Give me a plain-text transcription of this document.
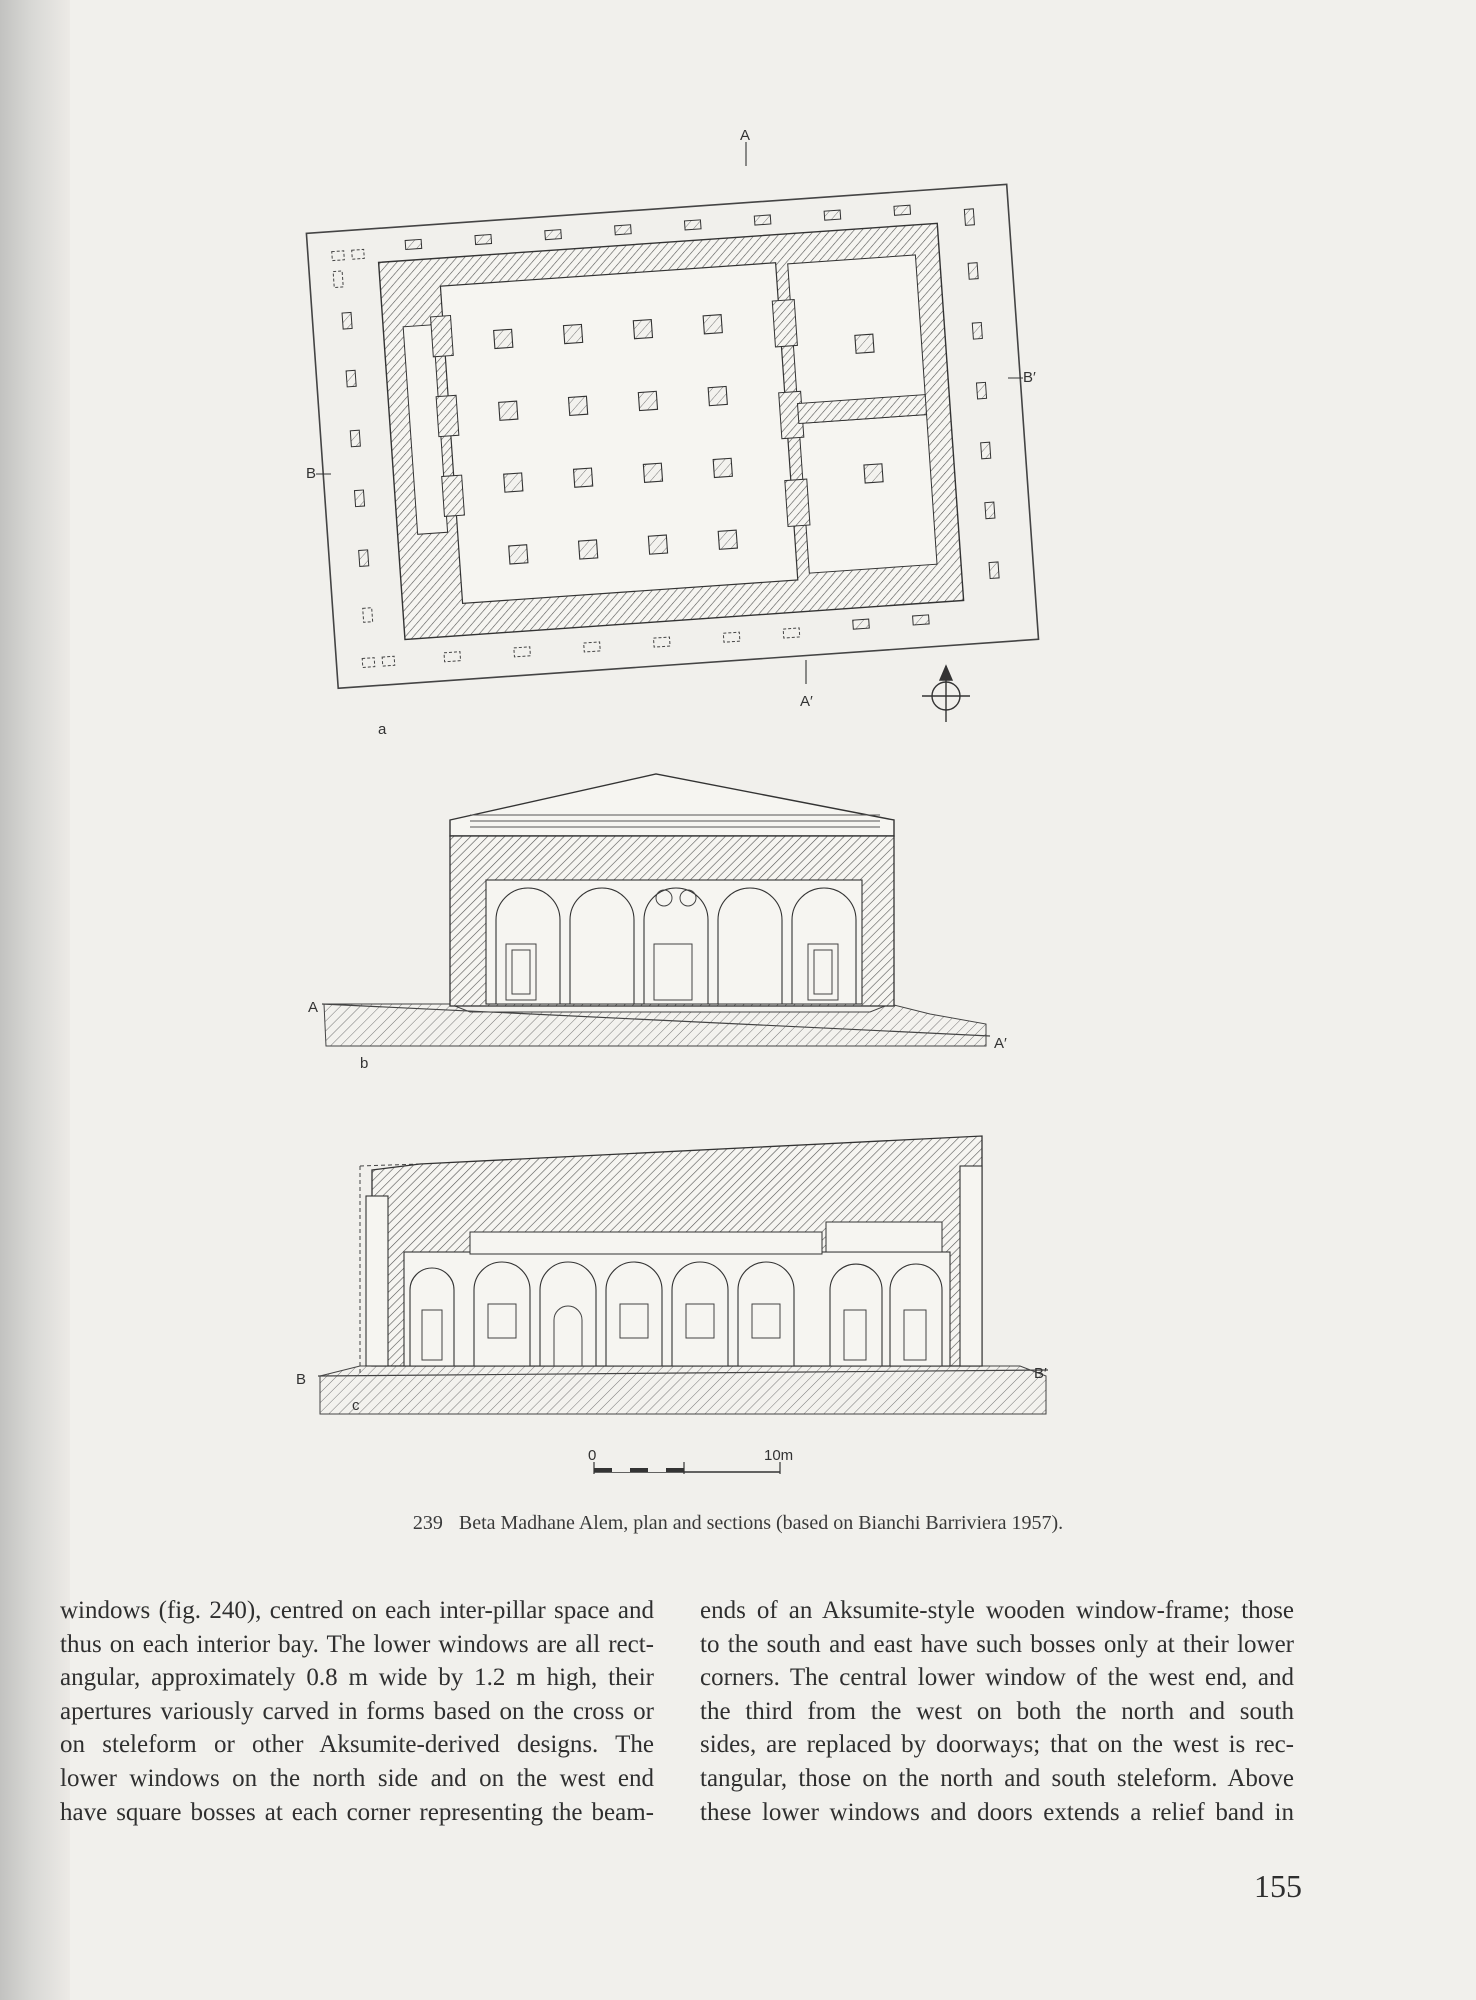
A
A′
B—
—B′
a
A
A′
b
B	B′
c
0	10m
239 Beta Madhane Alem, plan and sections (based on Bianchi Barriviera 1957).
windows (fig. 240), centred on each inter-pillar space and
thus on each interior bay. The lower windows are all rect-
angular, approximately 0.8 m wide by 1.2 m high, their
apertures variously carved in forms based on the cross or
on steleform or other Aksumite-derived designs. The
lower windows on the north side and on the west end
have square bosses at each corner representing the beam-
ends of an Aksumite-style wooden window-frame; those
to the south and east have such bosses only at their lower
corners. The central lower window of the west end, and
the third from the west on both the north and south
sides, are replaced by doorways; that on the west is rec-
tangular, those on the north and south steleform. Above
these lower windows and doors extends a relief band in
155
